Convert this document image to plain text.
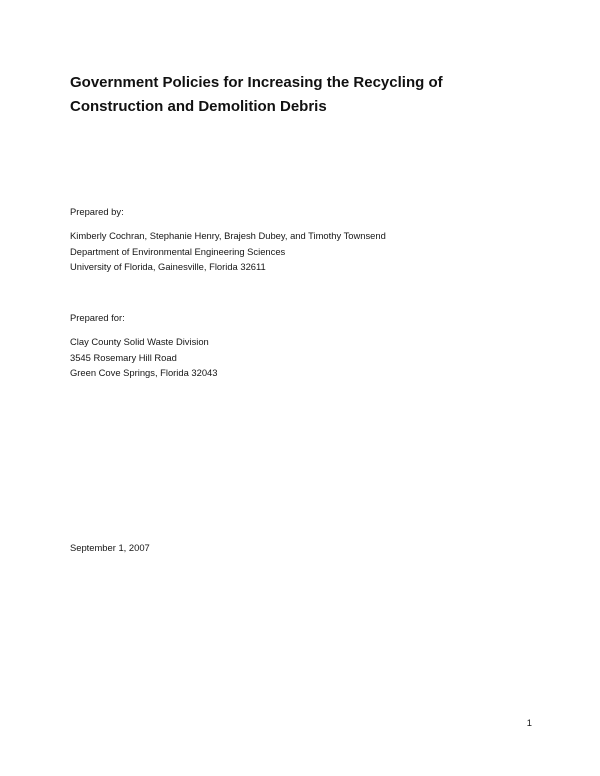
Government Policies for Increasing the Recycling of
Construction and Demolition Debris

Prepared by:

Kimberly Cochran, Stephanie Henry, Brajesh Dubey, and Timothy Townsend
Department of Environmental Engineering Sciences
University of Florida, Gainesville, Florida 32611

Prepared for:

Clay County Solid Waste Division
3545 Rosemary Hill Road
Green Cove Springs, Florida 32043

September 1, 2007

1
